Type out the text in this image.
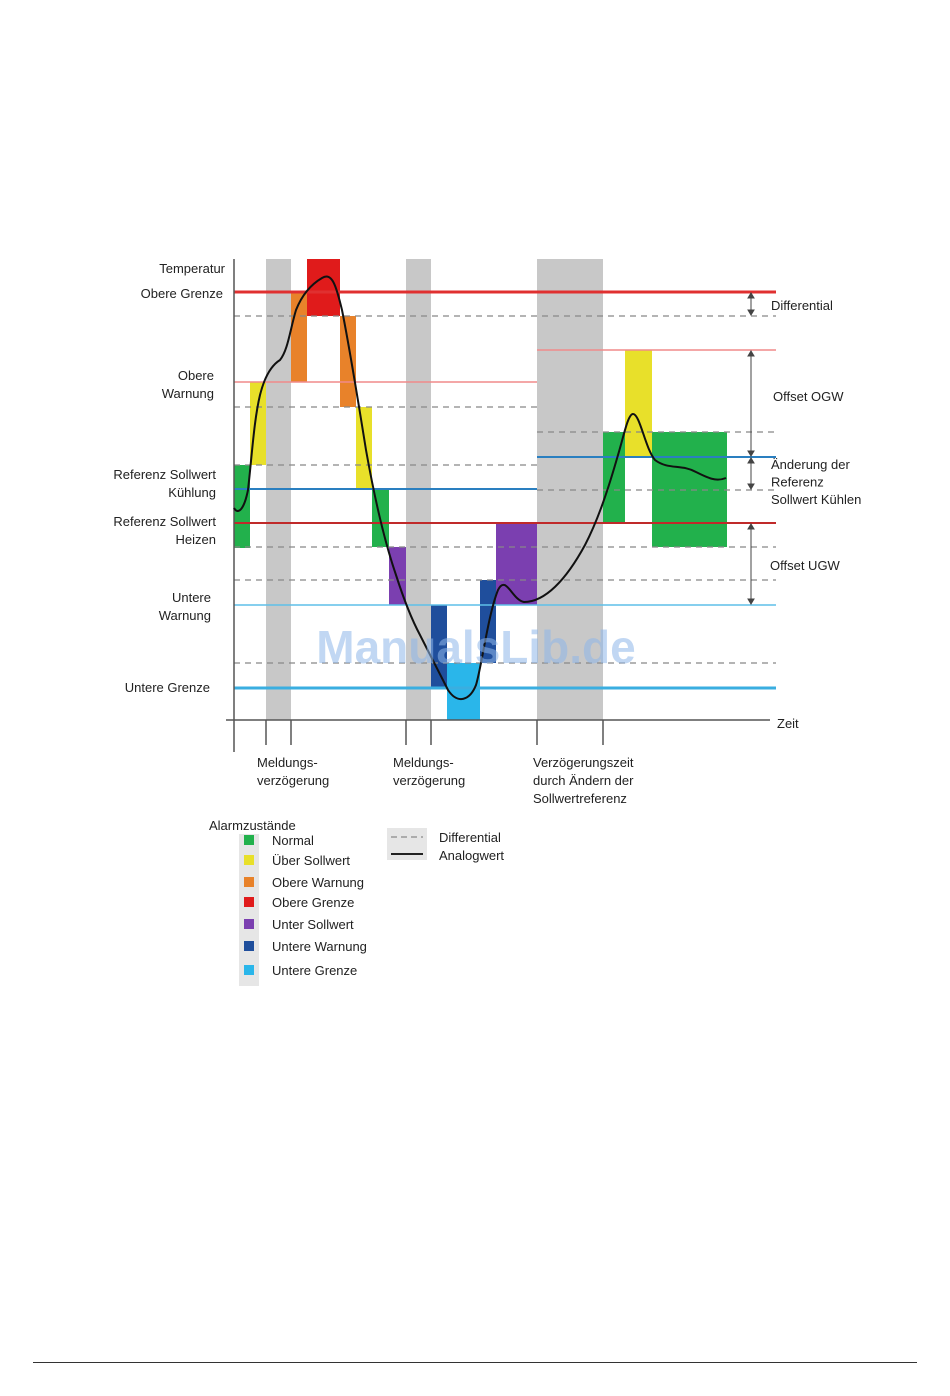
Temperatur
Obere Grenze
Obere Warnung
Referenz Sollwert Kühlung
Referenz Sollwert Heizen
Untere Warnung
Untere Grenze
Differential
Offset OGW
Änderung der Referenz Sollwert Kühlen
Offset UGW
Zeit
Meldungs-verzögerung
Meldungs-verzögerung
Verzögerungszeit durch Ändern der Sollwertreferenz
ManualsLib.de
Alarmzustände
Normal
Über Sollwert
Obere Warnung
Obere Grenze
Unter Sollwert
Untere Warnung
Untere Grenze
Differential
Analogwert
